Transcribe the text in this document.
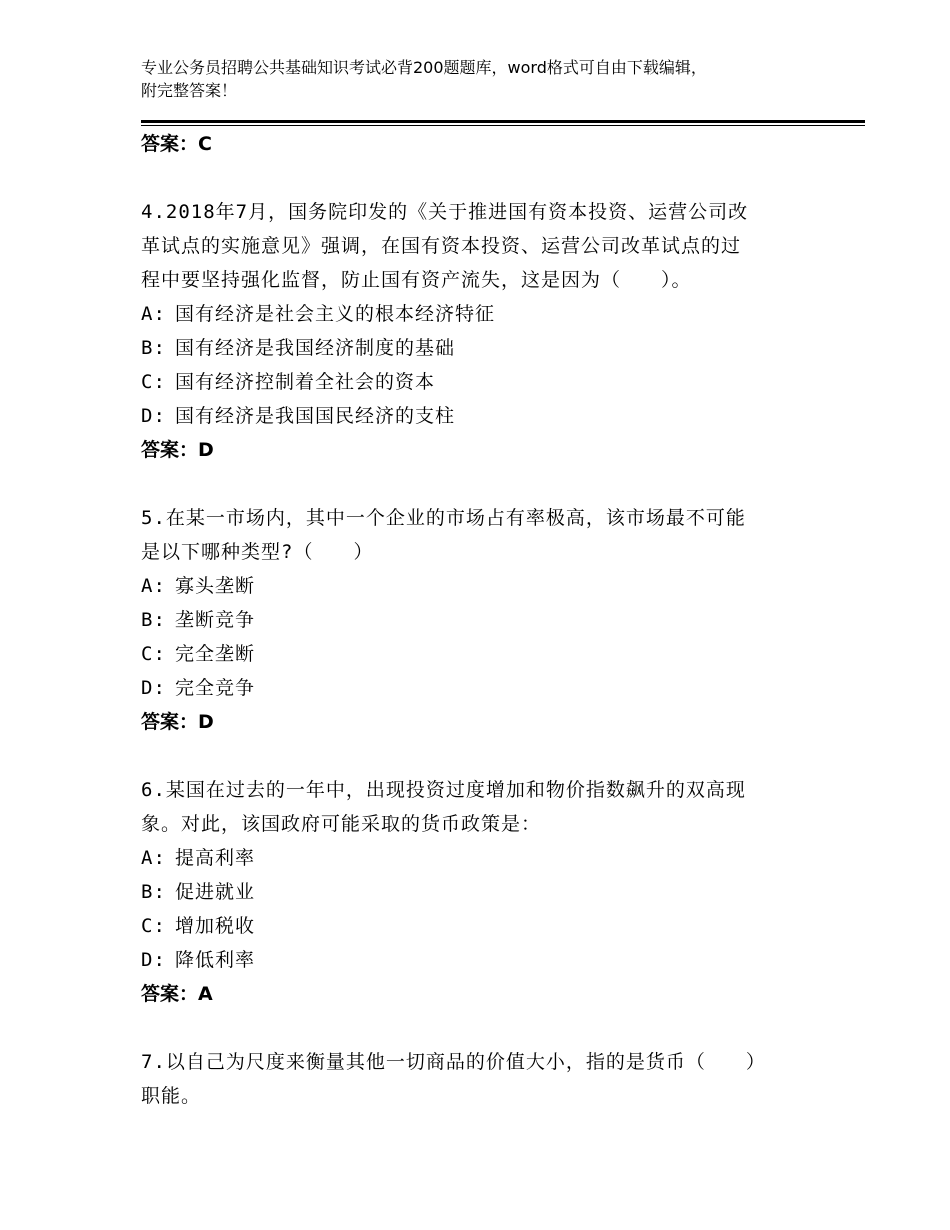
专业公务员招聘公共基础知识考试必背200题题库，word格式可自由下载编辑，
附完整答案！
答案：C
4.2018年7月，国务院印发的《关于推进国有资本投资、运营公司改
革试点的实施意见》强调，在国有资本投资、运营公司改革试点的过
程中要坚持强化监督，防止国有资产流失，这是因为（　　）。
A: 国有经济是社会主义的根本经济特征
B: 国有经济是我国经济制度的基础
C: 国有经济控制着全社会的资本
D: 国有经济是我国国民经济的支柱
答案：D
5.在某一市场内，其中一个企业的市场占有率极高，该市场最不可能
是以下哪种类型?（　　）
A: 寡头垄断
B: 垄断竞争
C: 完全垄断
D: 完全竞争
答案：D
6.某国在过去的一年中，出现投资过度增加和物价指数飙升的双高现
象。对此，该国政府可能采取的货币政策是：
A: 提高利率
B: 促进就业
C: 增加税收
D: 降低利率
答案：A
7.以自己为尺度来衡量其他一切商品的价值大小，指的是货币（　　）
职能。
